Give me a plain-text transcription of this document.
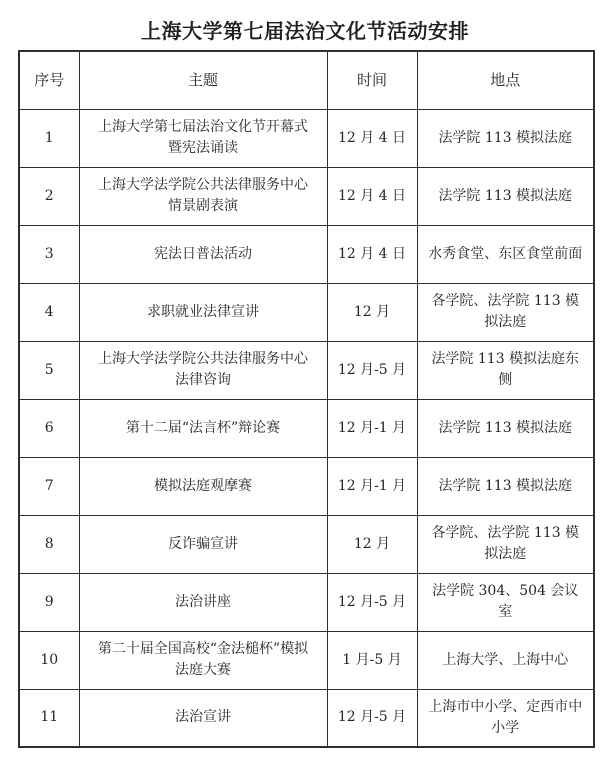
上海大学第七届法治文化节活动安排
序号	主题	时间	地点
1	上海大学第七届法治文化节开幕式暨宪法诵读	12 月 4 日	法学院 113 模拟法庭
2	上海大学法学院公共法律服务中心情景剧表演	12 月 4 日	法学院 113 模拟法庭
3	宪法日普法活动	12 月 4 日	水秀食堂、东区食堂前面
4	求职就业法律宣讲	12 月	各学院、法学院 113 模拟法庭
5	上海大学法学院公共法律服务中心法律咨询	12 月-5 月	法学院 113 模拟法庭东侧
6	第十二届“法言杯”辩论赛	12 月-1 月	法学院 113 模拟法庭
7	模拟法庭观摩赛	12 月-1 月	法学院 113 模拟法庭
8	反诈骗宣讲	12 月	各学院、法学院 113 模拟法庭
9	法治讲座	12 月-5 月	法学院 304、504 会议室
10	第二十届全国高校“金法槌杯”模拟法庭大赛	1 月-5 月	上海大学、上海中心
11	法治宣讲	12 月-5 月	上海市中小学、定西市中小学
